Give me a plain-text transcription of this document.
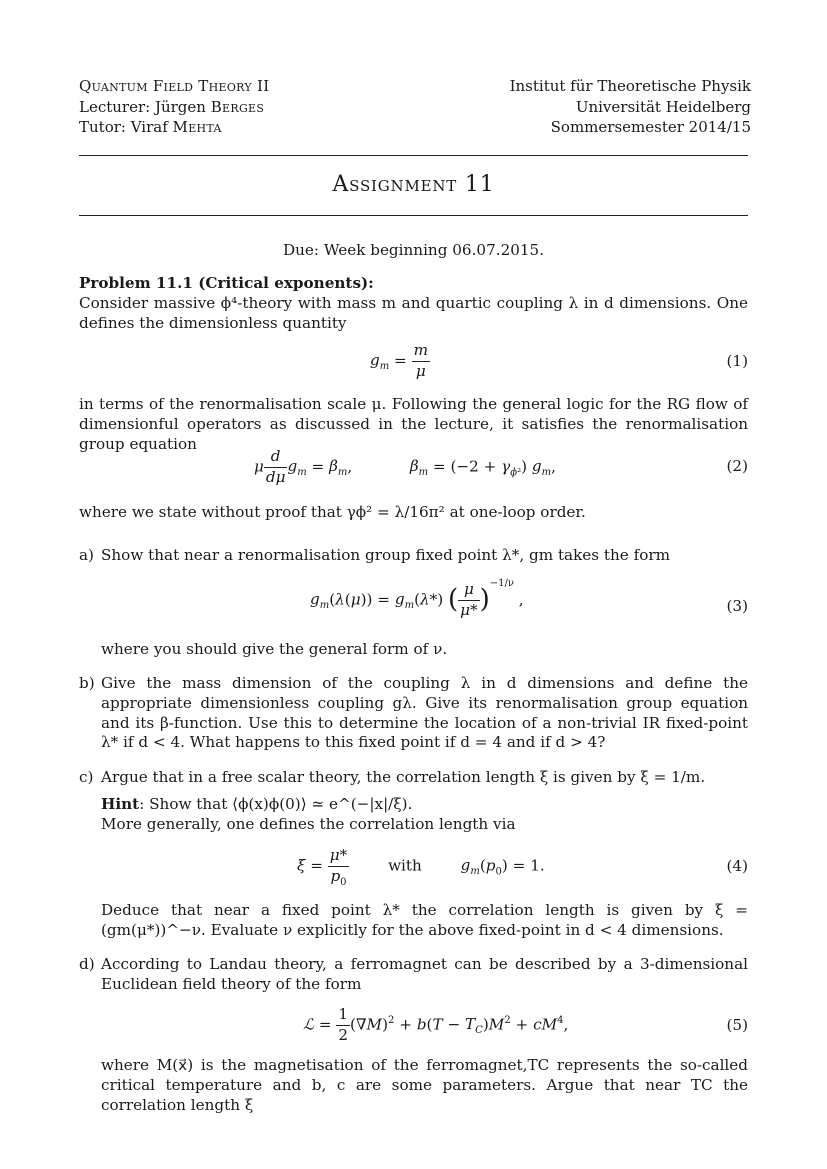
Quantum Field Theory II
Lecturer: Jürgen Berges
Tutor: Viraf Mehta
Institut für Theoretische Physik
Universität Heidelberg
Sommersemester 2014/15
Assignment 11
Due: Week beginning 06.07.2015.
Problem 11.1 (Critical exponents):
Consider massive ϕ⁴-theory with mass m and quartic coupling λ in d dimensions. One defines the dimensionless quantity
$g_m = \frac{m}{\mu}$	(1)
in terms of the renormalisation scale μ. Following the general logic for the RG flow of dimensionful operators as discussed in the lecture, it satisfies the renormalisation group equation
μ $\frac{d}{d\mu} g_m = \beta_m$,	$\beta_m = (-2 + \gamma_{\phi^2})$ $g_m$,	(2)
where we state without proof that γϕ² = λ/16π² at one-loop order.
a) Show that near a renormalisation group fixed point λ*, gm takes the form
$g_m(\lambda(\mu)) = g_m(\lambda*)$ ( $\frac{\mu}{\mu*} )^{-1/\nu}$ ,	(3)
where you should give the general form of ν.
b) Give the mass dimension of the coupling λ in d dimensions and define the appropriate dimensionless coupling gλ. Give its renormalisation group equation and its β-function. Use this to determine the location of a non-trivial IR fixed-point λ* if d < 4. What happens to this fixed point if d = 4 and if d > 4?
c) Argue that in a free scalar theory, the correlation length ξ is given by ξ = 1/m.
Hint: Show that ⟨ϕ(x)ϕ(0)⟩ ≃ e^(−|x|/ξ).
More generally, one defines the correlation length via
$\xi = \frac{\mu*}{p_0}$	with	$g_m(p_0) = 1$.	(4)
Deduce that near a fixed point λ* the correlation length is given by ξ = (gm(μ*))^−ν. Evaluate ν explicitly for the above fixed-point in d < 4 dimensions.
d) According to Landau theory, a ferromagnet can be described by a 3-dimensional Euclidean field theory of the form
ℒ = $\frac{1}{2} (\nabla M)^2 + b(T - T_C)M^2 + cM^4$,	(5)
where M(x⃗) is the magnetisation of the ferromagnet,TC represents the so-called critical temperature and b, c are some parameters. Argue that near TC the correlation length ξ
